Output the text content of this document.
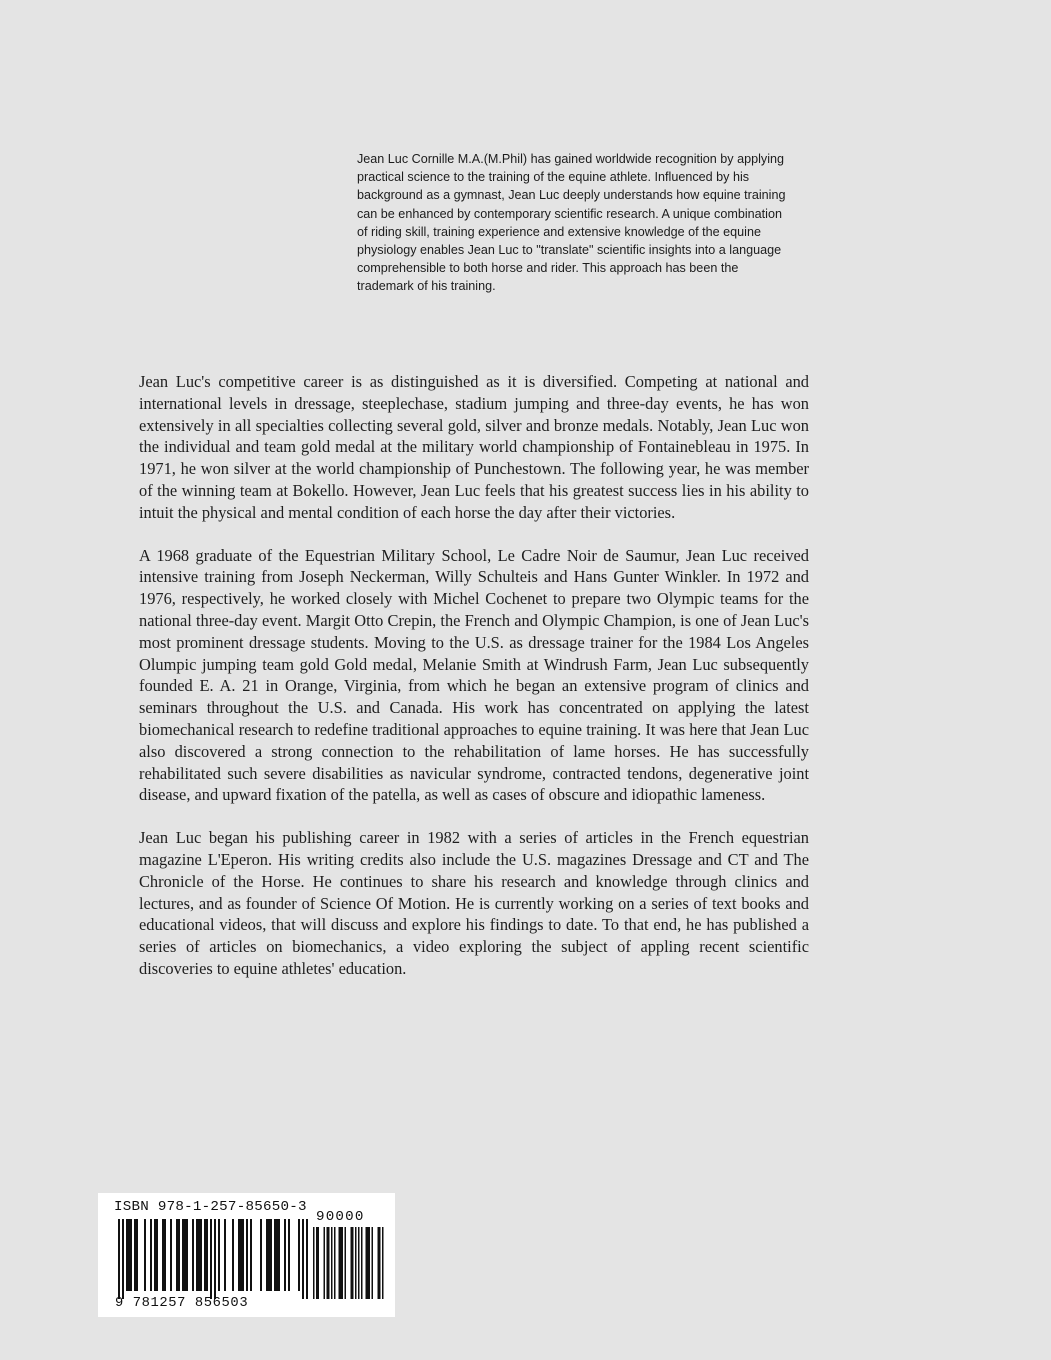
Jean Luc Cornille M.A.(M.Phil) has gained worldwide recognition by applying practical science to the training of the equine athlete. Influenced by his background as a gymnast, Jean Luc deeply understands how equine training can be enhanced by contemporary scientific research. A unique combination of riding skill, training experience and extensive knowledge of the equine physiology enables Jean Luc to "translate" scientific insights into a language comprehensible to both horse and rider. This approach has been the trademark of his training.

Jean Luc's competitive career is as distinguished as it is diversified. Competing at national and international levels in dressage, steeplechase, stadium jumping and three-day events, he has won extensively in all specialties collecting several gold, silver and bronze medals. Notably, Jean Luc won the individual and team gold medal at the military world championship of Fontainebleau in 1975. In 1971, he won silver at the world championship of Punchestown. The following year, he was member of the winning team at Bokello. However, Jean Luc feels that his greatest success lies in his ability to intuit the physical and mental condition of each horse the day after their victories.

A 1968 graduate of the Equestrian Military School, Le Cadre Noir de Saumur, Jean Luc received intensive training from Joseph Neckerman, Willy Schulteis and Hans Gunter Winkler. In 1972 and 1976, respectively, he worked closely with Michel Cochenet to prepare two Olympic teams for the national three-day event. Margit Otto Crepin, the French and Olympic Champion, is one of Jean Luc's most prominent dressage students. Moving to the U.S. as dressage trainer for the 1984 Los Angeles Olumpic jumping team gold Gold medal, Melanie Smith at Windrush Farm, Jean Luc subsequently founded E. A. 21 in Orange, Virginia, from which he began an extensive program of clinics and seminars throughout the U.S. and Canada. His work has concentrated on applying the latest biomechanical research to redefine traditional approaches to equine training. It was here that Jean Luc also discovered a strong connection to the rehabilitation of lame horses. He has successfully rehabilitated such severe disabilities as navicular syndrome, contracted tendons, degenerative joint disease, and upward fixation of the patella, as well as cases of obscure and idiopathic lameness.

Jean Luc began his publishing career in 1982 with a series of articles in the French equestrian magazine L'Eperon. His writing credits also include the U.S. magazines Dressage and CT and The Chronicle of the Horse. He continues to share his research and knowledge through clinics and lectures, and as founder of Science Of Motion. He is currently working on a series of text books and educational videos, that will discuss and explore his findings to date. To that end, he has published a series of articles on biomechanics, a video exploring the subject of appling recent scientific discoveries to equine athletes' education.

ISBN 978-1-257-85650-3
90000
9 781257 856503
